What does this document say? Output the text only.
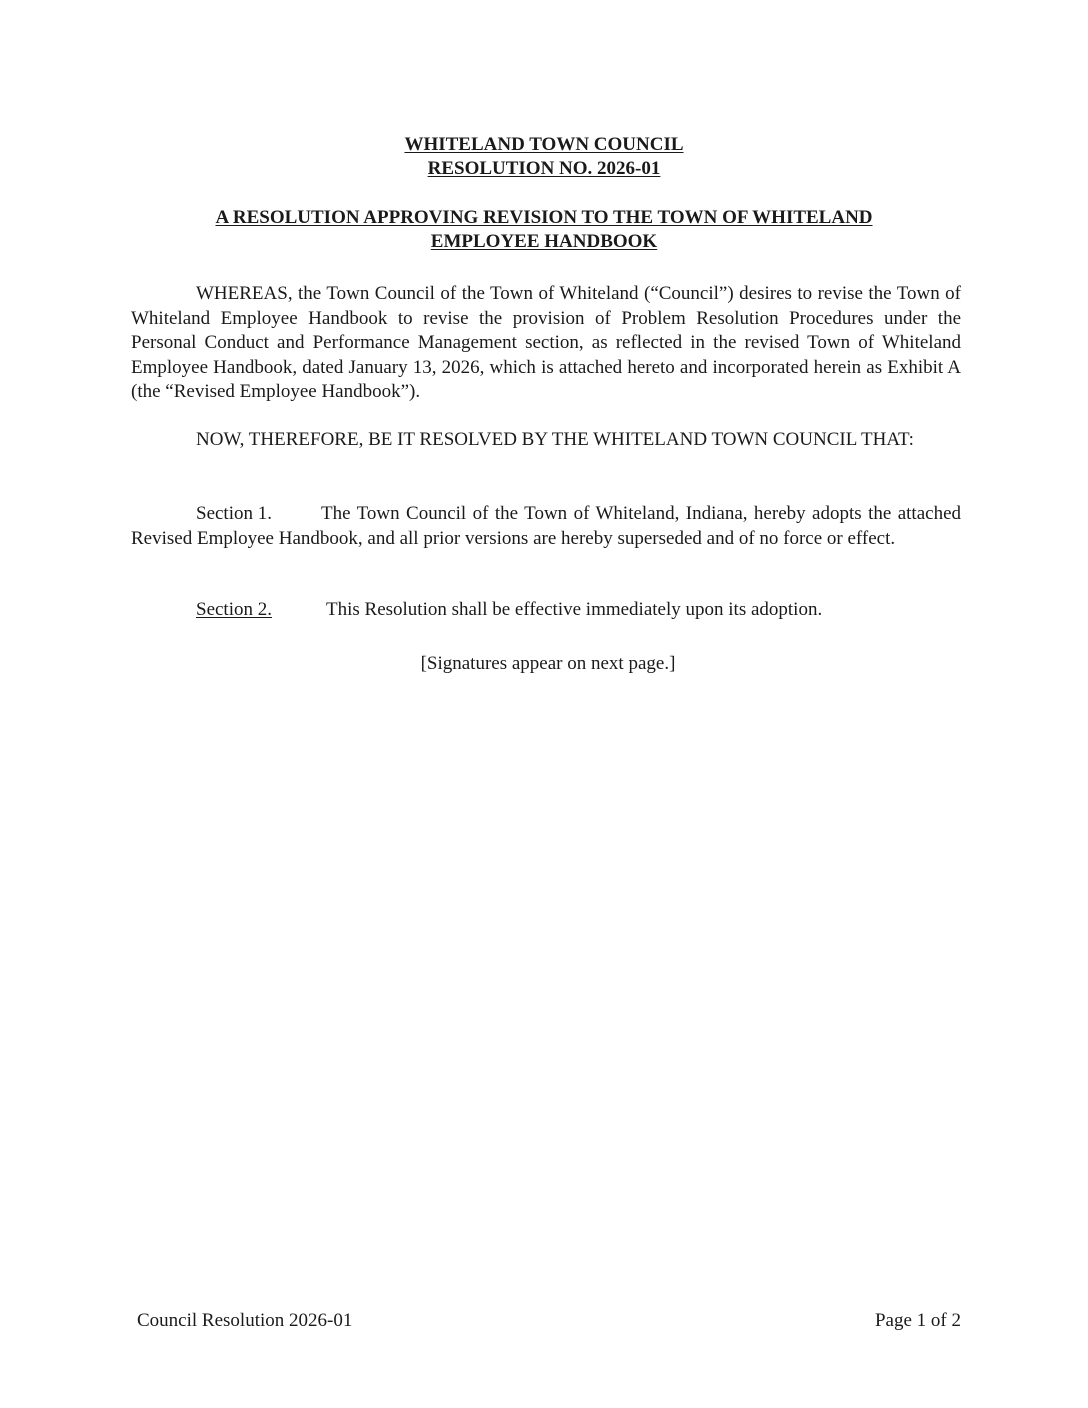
WHITELAND TOWN COUNCIL
RESOLUTION NO. 2026-01
A RESOLUTION APPROVING REVISION TO THE TOWN OF WHITELAND
EMPLOYEE HANDBOOK

WHEREAS, the Town Council of the Town of Whiteland (“Council”) desires to revise the Town of Whiteland Employee Handbook to revise the provision of Problem Resolution Procedures under the Personal Conduct and Performance Management section, as reflected in the revised Town of Whiteland Employee Handbook, dated January 13, 2026, which is attached hereto and incorporated herein as Exhibit A (the “Revised Employee Handbook”).

NOW, THEREFORE, BE IT RESOLVED BY THE WHITELAND TOWN COUNCIL THAT:

Section 1.	The Town Council of the Town of Whiteland, Indiana, hereby adopts the attached Revised Employee Handbook, and all prior versions are hereby superseded and of no force or effect.

Section 2.	This Resolution shall be effective immediately upon its adoption.
[Signatures appear on next page.]
Council Resolution 2026-01	Page 1 of 2
